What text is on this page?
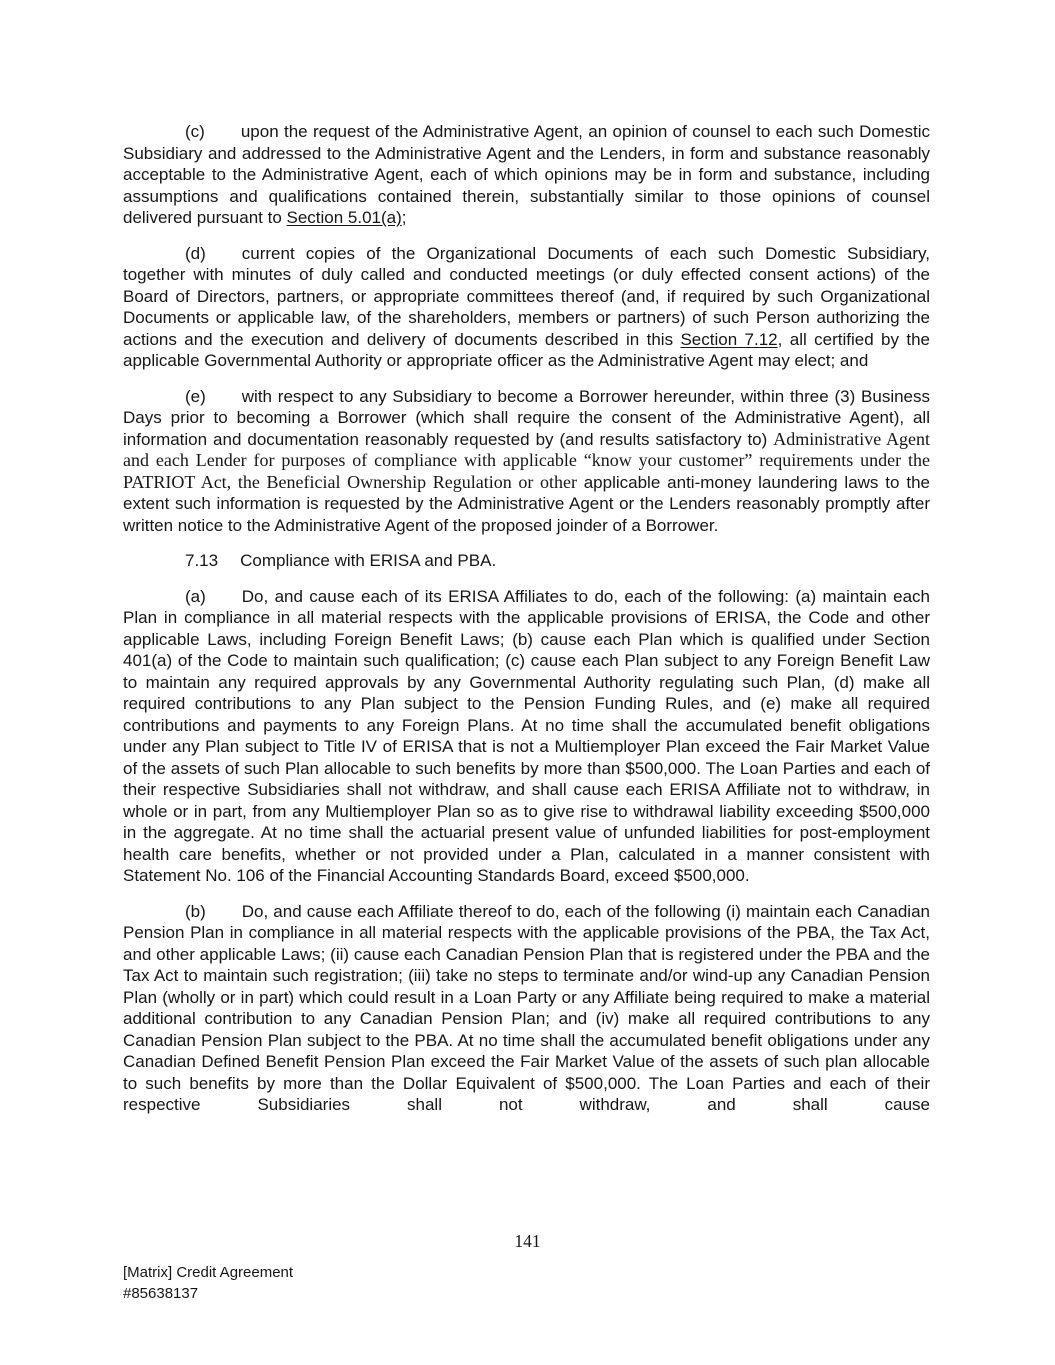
(c) upon the request of the Administrative Agent, an opinion of counsel to each such Domestic Subsidiary and addressed to the Administrative Agent and the Lenders, in form and substance reasonably acceptable to the Administrative Agent, each of which opinions may be in form and substance, including assumptions and qualifications contained therein, substantially similar to those opinions of counsel delivered pursuant to Section 5.01(a);

(d) current copies of the Organizational Documents of each such Domestic Subsidiary, together with minutes of duly called and conducted meetings (or duly effected consent actions) of the Board of Directors, partners, or appropriate committees thereof (and, if required by such Organizational Documents or applicable law, of the shareholders, members or partners) of such Person authorizing the actions and the execution and delivery of documents described in this Section 7.12, all certified by the applicable Governmental Authority or appropriate officer as the Administrative Agent may elect; and

(e) with respect to any Subsidiary to become a Borrower hereunder, within three (3) Business Days prior to becoming a Borrower (which shall require the consent of the Administrative Agent), all information and documentation reasonably requested by (and results satisfactory to) Administrative Agent and each Lender for purposes of compliance with applicable “know your customer” requirements under the PATRIOT Act, the Beneficial Ownership Regulation or other applicable anti-money laundering laws to the extent such information is requested by the Administrative Agent or the Lenders reasonably promptly after written notice to the Administrative Agent of the proposed joinder of a Borrower.

7.13 Compliance with ERISA and PBA.

(a) Do, and cause each of its ERISA Affiliates to do, each of the following: (a) maintain each Plan in compliance in all material respects with the applicable provisions of ERISA, the Code and other applicable Laws, including Foreign Benefit Laws; (b) cause each Plan which is qualified under Section 401(a) of the Code to maintain such qualification; (c) cause each Plan subject to any Foreign Benefit Law to maintain any required approvals by any Governmental Authority regulating such Plan, (d) make all required contributions to any Plan subject to the Pension Funding Rules, and (e) make all required contributions and payments to any Foreign Plans. At no time shall the accumulated benefit obligations under any Plan subject to Title IV of ERISA that is not a Multiemployer Plan exceed the Fair Market Value of the assets of such Plan allocable to such benefits by more than $500,000. The Loan Parties and each of their respective Subsidiaries shall not withdraw, and shall cause each ERISA Affiliate not to withdraw, in whole or in part, from any Multiemployer Plan so as to give rise to withdrawal liability exceeding $500,000 in the aggregate. At no time shall the actuarial present value of unfunded liabilities for post-employment health care benefits, whether or not provided under a Plan, calculated in a manner consistent with Statement No. 106 of the Financial Accounting Standards Board, exceed $500,000.

(b) Do, and cause each Affiliate thereof to do, each of the following (i) maintain each Canadian Pension Plan in compliance in all material respects with the applicable provisions of the PBA, the Tax Act, and other applicable Laws; (ii) cause each Canadian Pension Plan that is registered under the PBA and the Tax Act to maintain such registration; (iii) take no steps to terminate and/or wind-up any Canadian Pension Plan (wholly or in part) which could result in a Loan Party or any Affiliate being required to make a material additional contribution to any Canadian Pension Plan; and (iv) make all required contributions to any Canadian Pension Plan subject to the PBA. At no time shall the accumulated benefit obligations under any Canadian Defined Benefit Pension Plan exceed the Fair Market Value of the assets of such plan allocable to such benefits by more than the Dollar Equivalent of $500,000. The Loan Parties and each of their respective Subsidiaries shall not withdraw, and shall cause

141
[Matrix] Credit Agreement
#85638137
